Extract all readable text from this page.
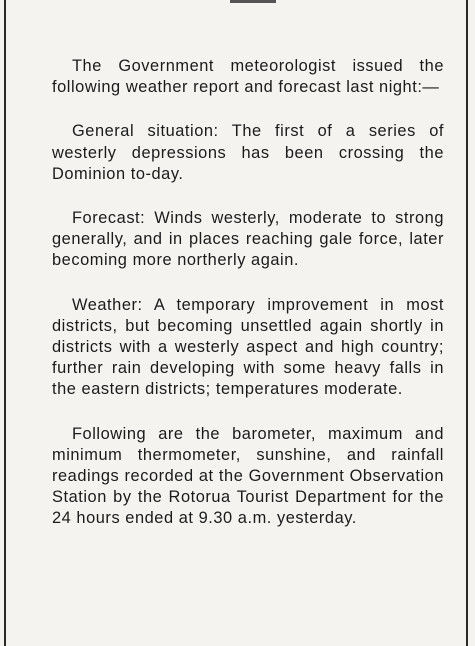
The Government meteorologist issued the following weather report and forecast last night:—

General situation: The first of a series of westerly depressions has been crossing the Dominion to-day.

Forecast: Winds westerly, moderate to strong generally, and in places reaching gale force, later becoming more northerly again.

Weather: A temporary improvement in most districts, but becoming unsettled again shortly in districts with a westerly aspect and high country; further rain developing with some heavy falls in the eastern districts; temperatures moderate.

Following are the barometer, maximum and minimum thermometer, sunshine, and rainfall readings recorded at the Government Observation Station by the Rotorua Tourist Department for the 24 hours ended at 9.30 a.m. yesterday.
